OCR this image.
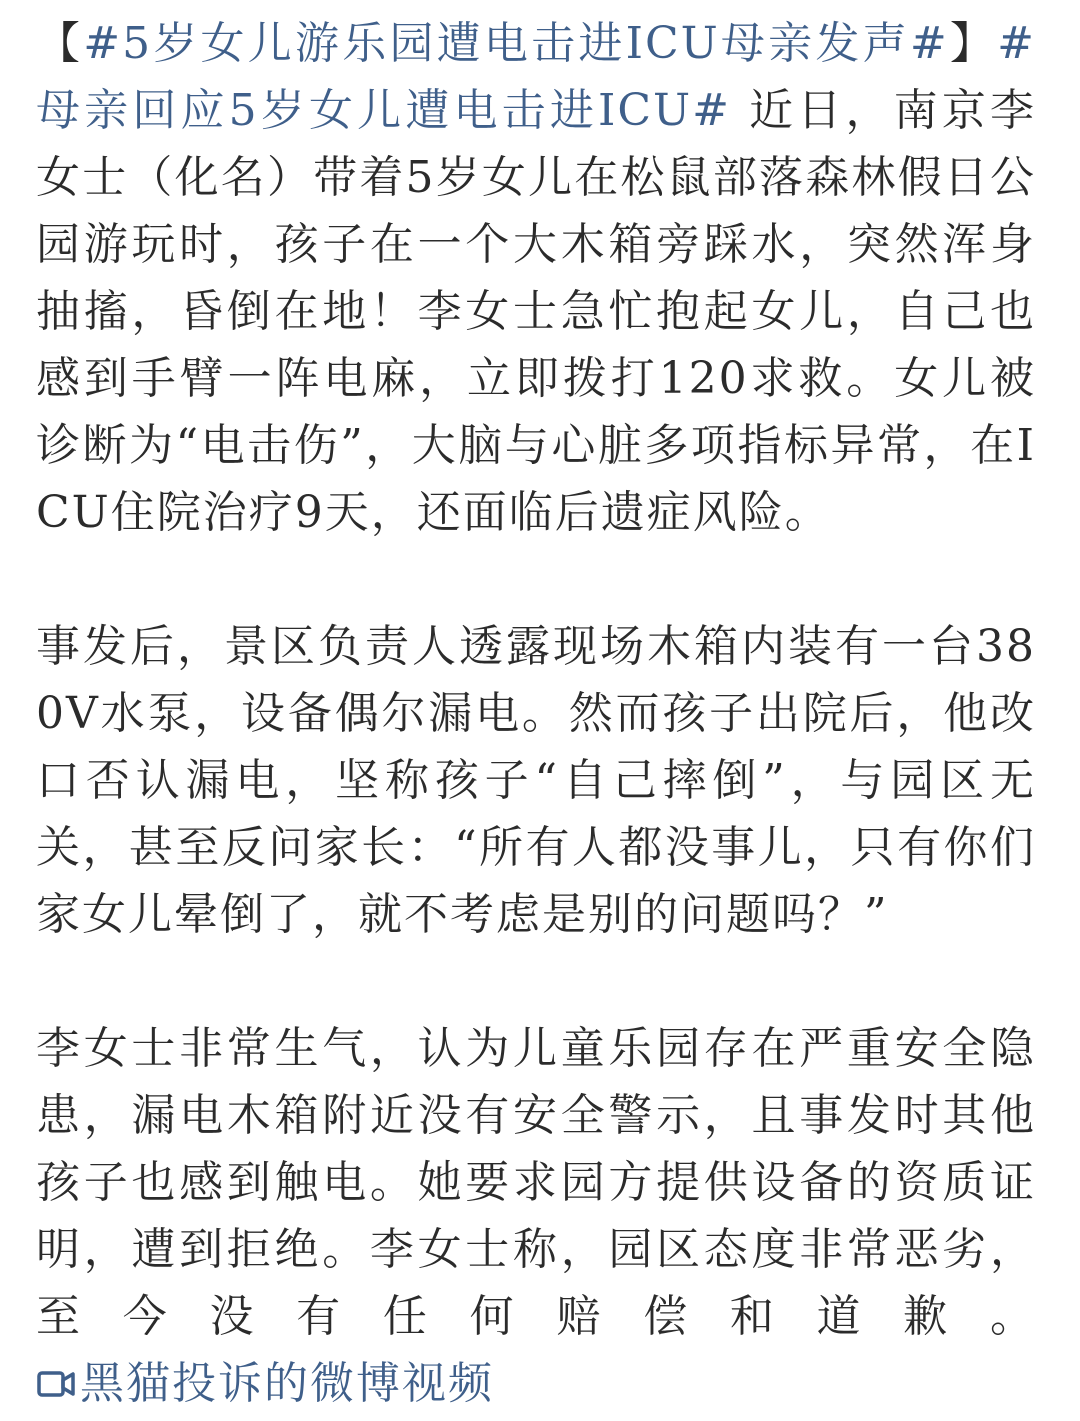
【#5岁女儿游乐园遭电击进ICU母亲发声#】#母亲回应5岁女儿遭电击进ICU# 近日，南京李女士（化名）带着5岁女儿在松鼠部落森林假日公园游玩时，孩子在一个大木箱旁踩水，突然浑身抽搐，昏倒在地！李女士急忙抱起女儿，自己也感到手臂一阵电麻，立即拨打120求救。女儿被诊断为“电击伤”，大脑与心脏多项指标异常，在ICU住院治疗9天，还面临后遗症风险。

事发后，景区负责人透露现场木箱内装有一台380V水泵，设备偶尔漏电。然而孩子出院后，他改口否认漏电，坚称孩子“自己摔倒”，与园区无关，甚至反问家长：“所有人都没事儿，只有你们家女儿晕倒了，就不考虑是别的问题吗？”

李女士非常生气，认为儿童乐园存在严重安全隐患，漏电木箱附近没有安全警示，且事发时其他孩子也感到触电。她要求园方提供设备的资质证明，遭到拒绝。李女士称，园区态度非常恶劣，至今没有任何赔偿和道歉。黑猫投诉的微博视频
